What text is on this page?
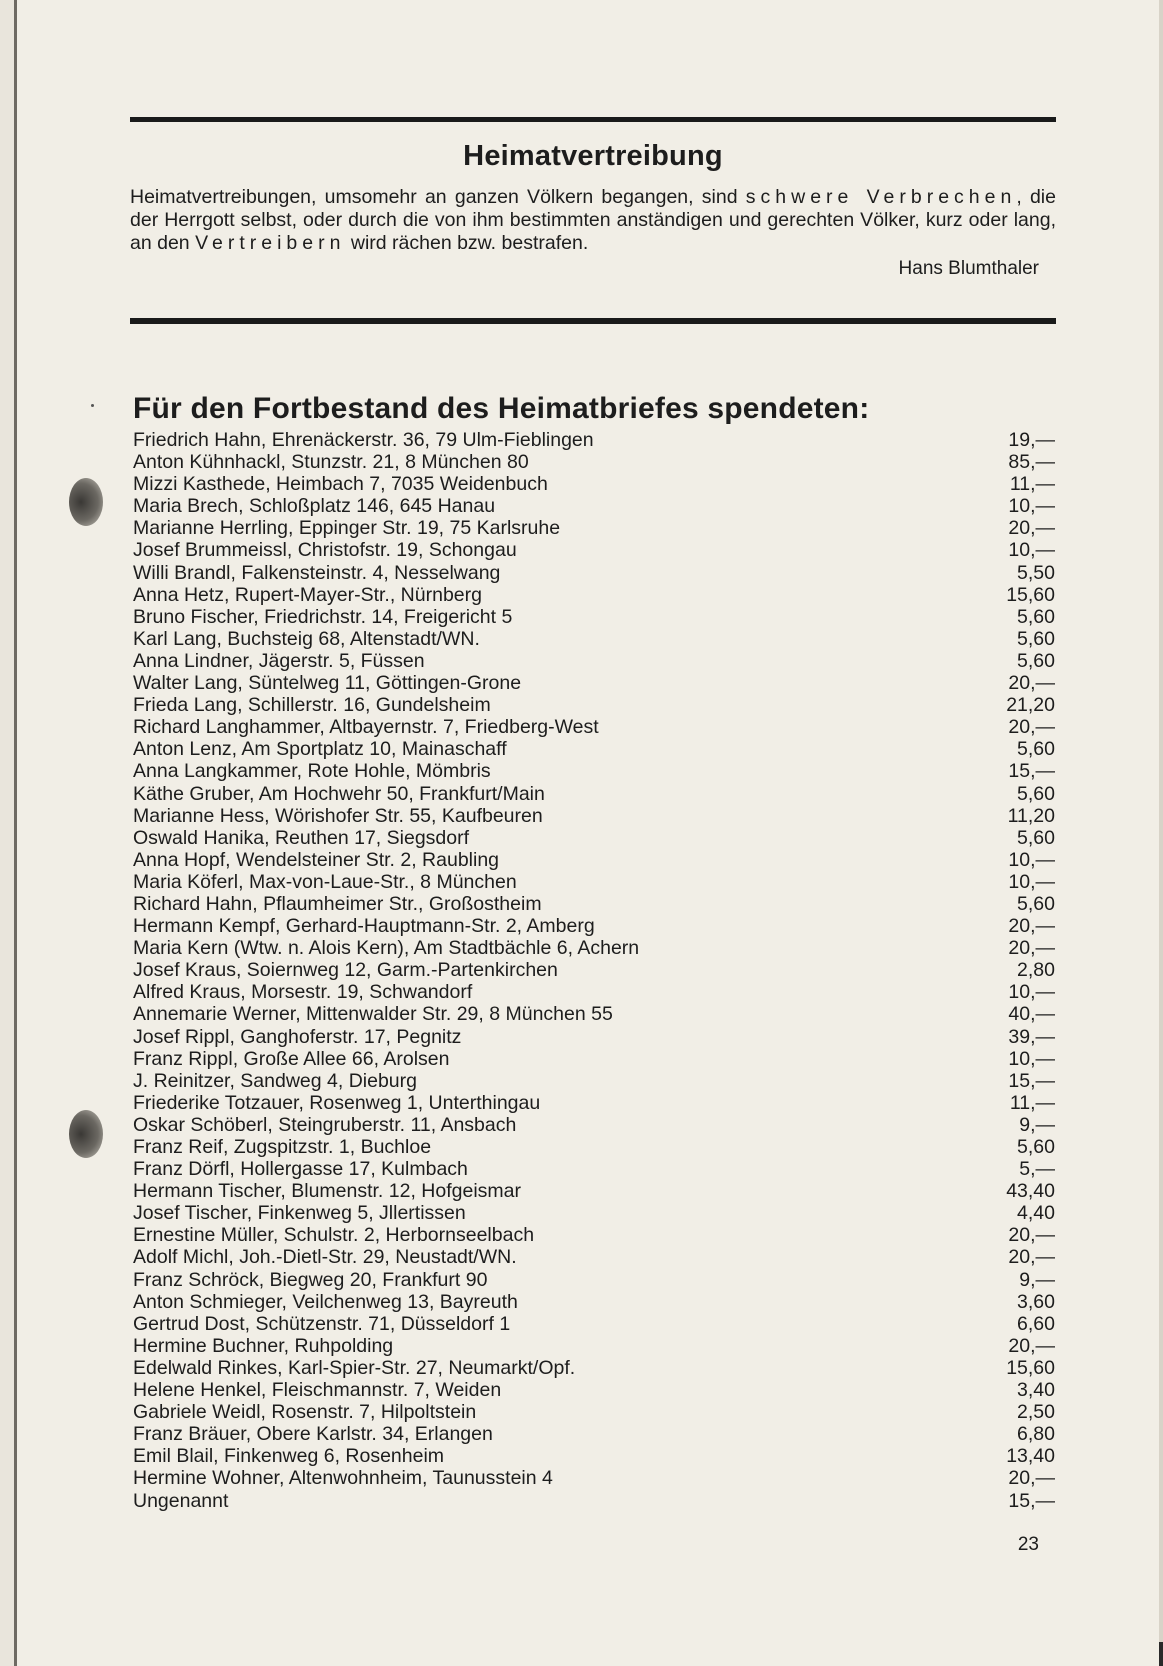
Heimatvertreibung
Heimatvertreibungen, umsomehr an ganzen Völkern begangen, sind schwere Verbrechen, die der Herrgott selbst, oder durch die von ihm bestimmten anständigen und gerechten Völker, kurz oder lang, an den Vertreibern wird rächen bzw. bestrafen.
Hans Blumthaler
Für den Fortbestand des Heimatbriefes spendeten:
Friedrich Hahn, Ehrenäckerstr. 36, 79 Ulm-Fieblingen	19,—
Anton Kühnhackl, Stunzstr. 21, 8 München 80	85,—
Mizzi Kasthede, Heimbach 7, 7035 Weidenbuch	11,—
Maria Brech, Schloßplatz 146, 645 Hanau	10,—
Marianne Herrling, Eppinger Str. 19, 75 Karlsruhe	20,—
Josef Brummeissl, Christofstr. 19, Schongau	10,—
Willi Brandl, Falkensteinstr. 4, Nesselwang	5,50
Anna Hetz, Rupert-Mayer-Str., Nürnberg	15,60
Bruno Fischer, Friedrichstr. 14, Freigericht 5	5,60
Karl Lang, Buchsteig 68, Altenstadt/WN.	5,60
Anna Lindner, Jägerstr. 5, Füssen	5,60
Walter Lang, Süntelweg 11, Göttingen-Grone	20,—
Frieda Lang, Schillerstr. 16, Gundelsheim	21,20
Richard Langhammer, Altbayernstr. 7, Friedberg-West	20,—
Anton Lenz, Am Sportplatz 10, Mainaschaff	5,60
Anna Langkammer, Rote Hohle, Mömbris	15,—
Käthe Gruber, Am Hochwehr 50, Frankfurt/Main	5,60
Marianne Hess, Wörishofer Str. 55, Kaufbeuren	11,20
Oswald Hanika, Reuthen 17, Siegsdorf	5,60
Anna Hopf, Wendelsteiner Str. 2, Raubling	10,—
Maria Köferl, Max-von-Laue-Str., 8 München	10,—
Richard Hahn, Pflaumheimer Str., Großostheim	5,60
Hermann Kempf, Gerhard-Hauptmann-Str. 2, Amberg	20,—
Maria Kern (Wtw. n. Alois Kern), Am Stadtbächle 6, Achern	20,—
Josef Kraus, Soiernweg 12, Garm.-Partenkirchen	2,80
Alfred Kraus, Morsestr. 19, Schwandorf	10,—
Annemarie Werner, Mittenwalder Str. 29, 8 München 55	40,—
Josef Rippl, Ganghoferstr. 17, Pegnitz	39,—
Franz Rippl, Große Allee 66, Arolsen	10,—
J. Reinitzer, Sandweg 4, Dieburg	15,—
Friederike Totzauer, Rosenweg 1, Unterthingau	11,—
Oskar Schöberl, Steingruberstr. 11, Ansbach	9,—
Franz Reif, Zugspitzstr. 1, Buchloe	5,60
Franz Dörfl, Hollergasse 17, Kulmbach	5,—
Hermann Tischer, Blumenstr. 12, Hofgeismar	43,40
Josef Tischer, Finkenweg 5, Jllertissen	4,40
Ernestine Müller, Schulstr. 2, Herbornseelbach	20,—
Adolf Michl, Joh.-Dietl-Str. 29, Neustadt/WN.	20,—
Franz Schröck, Biegweg 20, Frankfurt 90	9,—
Anton Schmieger, Veilchenweg 13, Bayreuth	3,60
Gertrud Dost, Schützenstr. 71, Düsseldorf 1	6,60
Hermine Buchner, Ruhpolding	20,—
Edelwald Rinkes, Karl-Spier-Str. 27, Neumarkt/Opf.	15,60
Helene Henkel, Fleischmannstr. 7, Weiden	3,40
Gabriele Weidl, Rosenstr. 7, Hilpoltstein	2,50
Franz Bräuer, Obere Karlstr. 34, Erlangen	6,80
Emil Blail, Finkenweg 6, Rosenheim	13,40
Hermine Wohner, Altenwohnheim, Taunusstein 4	20,—
Ungenannt	15,—
23
